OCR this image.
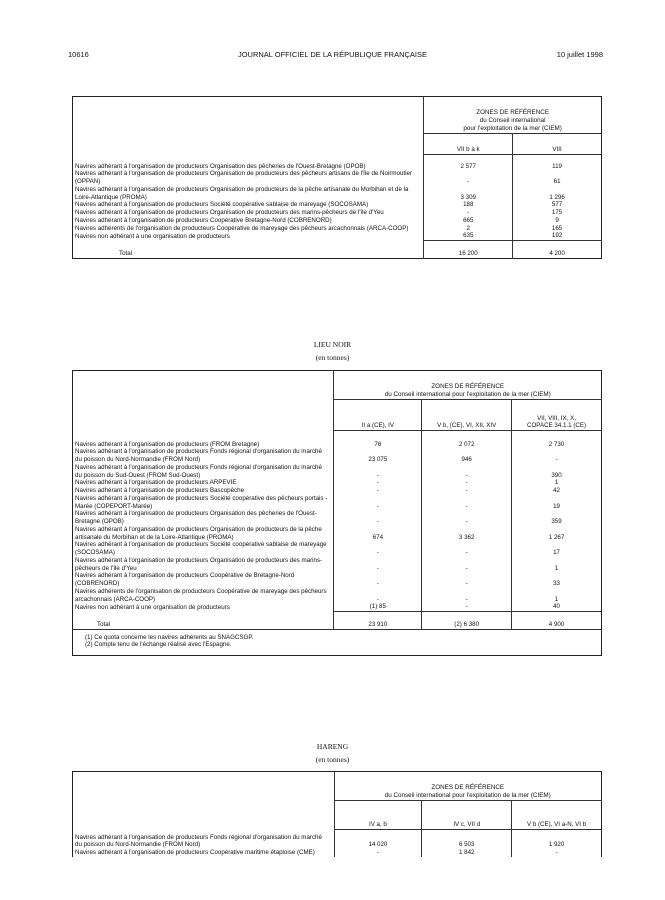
10616	JOURNAL OFFICIEL DE LA RÉPUBLIQUE FRANÇAISE	10 juillet 1998

	ZONES DE RÉFÉRENCE
du Conseil international
pour l'exploitation de la mer (CIEM)	

	VII b à k	VIII

Navires adhérant à l'organisation de producteurs Organisation des pêcheries de l'Ouest-Bretagne (OPOB)	2 577	119
Navires adhérant à l'organisation de producteurs Organisation de producteurs des pêcheurs artisans de l'île de Noirmoutier (OPPAN)	-	61
Navires adhérant à l'organisation de producteurs Organisation de producteurs de la pêche artisanale du Morbihan et de la Loire-Atlantique (PROMA)	3 309	1 296
Navires adhérant à l'organisation de producteurs Société coopérative sablaise de mareyage (SOCOSAMA)	188	577
Navires adhérant à l'organisation de producteurs Organisation de producteurs des marins-pêcheurs de l'île d'Yeu	-	175
Navires adhérant à l'organisation de producteurs Coopérative Bretagne-Nord (COBRENORD)	665	9
Navires adhérents de l'organisation de producteurs Coopérative de mareyage des pêcheurs arcachonnais (ARCA-COOP)	2	165
Navires non adhérant à une organisation de producteurs	635	192
Total	16 200	4 200
LIEU NOIR
(en tonnes)

	ZONES DE RÉFÉRENCE
du Conseil international pour l'exploitation de la mer (CIEM)		

	II a (CE), IV	V b, (CE), VI, XII, XIV	VII, VIII, IX, X, COPACE 34.1.1 (CE)

Navires adhérant à l'organisation de producteurs (FROM Bretagne)	76	2 072	2 730
Navires adhérant à l'organisation de producteurs Fonds régional d'organisation du marché du poisson du Nord-Normandie (FROM Nord)	23 075	946	-
Navires adhérant à l'organisation de producteurs Fonds régional d'organisation du marché du poisson du Sud-Ouest (FROM Sud-Ouest)	-	-	390
Navires adhérant à l'organisation de producteurs ARPEVIE	-	-	1
Navires adhérant à l'organisation de producteurs Bascopêche	-	-	42
Navires adhérant à l'organisation de producteurs Société coopérative des pêcheurs portais - Marée (COPEPORT-Marée)	-	-	19
Navires adhérant à l'organisation de producteurs Organisation des pêcheries de l'Ouest-Bretagne (OPOB)	-	-	359
Navires adhérant à l'organisation de producteurs Organisation de producteurs de la pêche artisanale du Morbihan et de la Loire-Atlantique (PROMA)	674	3 362	1 267
Navires adhérant à l'organisation de producteurs Société coopérative sablaise de mareyage (SOCOSAMA)	-	-	17
Navires adhérant à l'organisation de producteurs Organisation de producteurs des marins-pêcheurs de l'île d'Yeu	-	-	1
Navires adhérant à l'organisation de producteurs Coopérative de Bretagne-Nord (COBRENORD)	-	-	33
Navires adhérents de l'organisation de producteurs Coopérative de mareyage des pêcheurs arcachonnais (ARCA-COOP)	-	-	1
Navires non adhérant à une organisation de producteurs	(1) 85	-	40
Total	23 910	(2) 6 380	4 900

(1) Ce quota concerne les navires adhérents au SNAGCSGP.
(2) Compte tenu de l'échange réalisé avec l'Espagne.			
HARENG
(en tonnes)

	ZONES DE RÉFÉRENCE
du Conseil international pour l'exploitation de la mer (CIEM)		

	IV a, b	IV c, VII d	V b (CE), VI a-N, VI b

Navires adhérant à l'organisation de producteurs Fonds régional d'organisation du marché du poisson du Nord-Normandie (FROM Nord)	14 020	6 503	1 920
Navires adhérant à l'organisation de producteurs Coopérative maritime étaploise (CME)	-	1 842	-
